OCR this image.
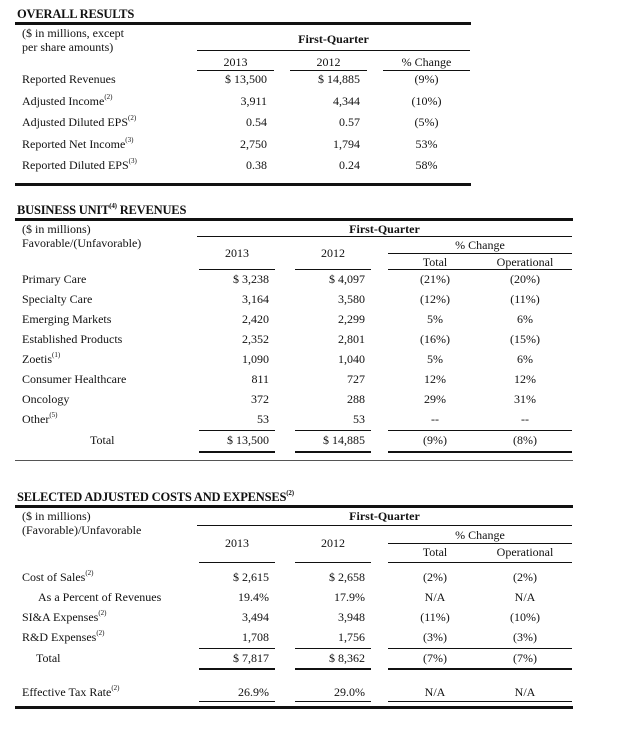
OVERALL RESULTS
($ in millions, except
per share amounts)
First-Quarter
2013	2012	% Change
Reported Revenues	$ 13,500	$ 14,885	(9%)
Adjusted Income$^{(2)}$	3,911	4,344	(10%)
Adjusted Diluted EPS$^{(2)}$	0.54	0.57	(5%)
Reported Net Income$^{(3)}$	2,750	1,794	53%
Reported Diluted EPS$^{(3)}$	0.38	0.24	58%
BUSINESS UNIT$^{(4)}$ REVENUES
($ in millions)
Favorable/(Unfavorable)
First-Quarter
2013	2012
% Change
Total	Operational
Primary Care	$ 3,238	$ 4,097	(21%)	(20%)
Specialty Care	3,164	3,580	(12%)	(11%)
Emerging Markets	2,420	2,299	5%	6%
Established Products	2,352	2,801	(16%)	(15%)
Zoetis$^{(1)}$	1,090	1,040	5%	6%
Consumer Healthcare	811	727	12%	12%
Oncology	372	288	29%	31%
Other$^{(5)}$	53	53	--	--
Total	$ 13,500	$ 14,885	(9%)	(8%)
SELECTED ADJUSTED COSTS AND EXPENSES$^{(2)}$
($ in millions)
(Favorable)/Unfavorable
First-Quarter
2013	2012
% Change
Total	Operational
Cost of Sales$^{(2)}$	$ 2,615	$ 2,658	(2%)	(2%)
As a Percent of Revenues	19.4%	17.9%	N/A	N/A
SI&A Expenses$^{(2)}$	3,494	3,948	(11%)	(10%)
R&D Expenses$^{(2)}$	1,708	1,756	(3%)	(3%)
Total	$ 7,817	$ 8,362	(7%)	(7%)
Effective Tax Rate$^{(2)}$	26.9%	29.0%	N/A	N/A
